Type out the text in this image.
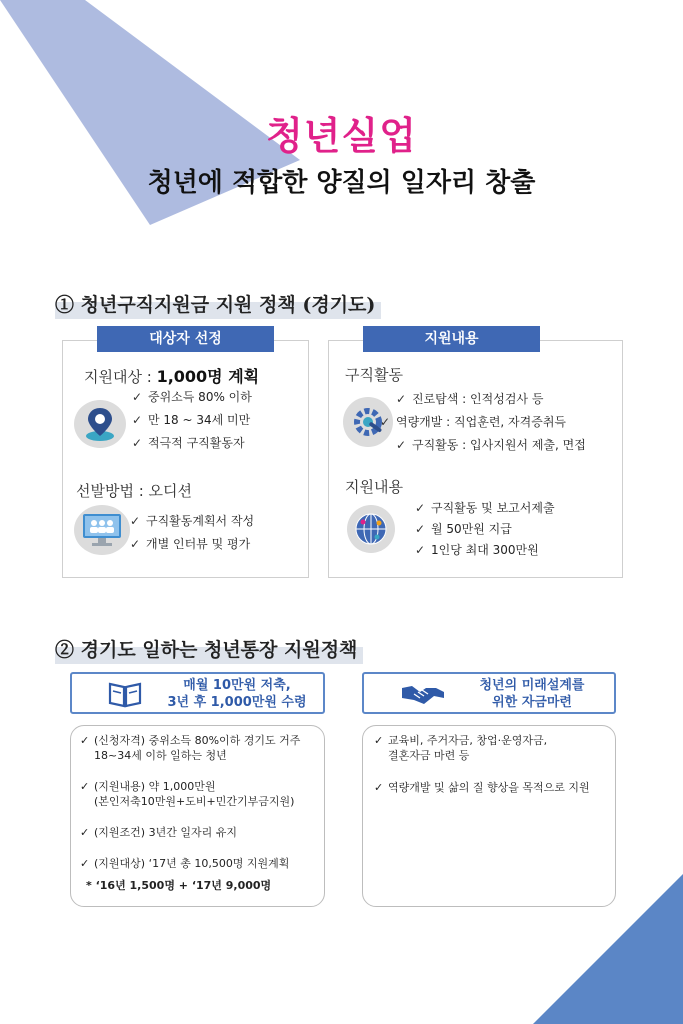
청년실업
청년에 적합한 양질의 일자리 창출
① 청년구직지원금 지원 정책 (경기도)
대상자 선정	지원내용
지원대상 : 1,000명 계획
✓ 중위소득 80% 이하
✓ 만 18 ~ 34세 미만
✓ 적극적 구직활동자
선발방법 : 오디션
✓ 구직활동계획서 작성
✓ 개별 인터뷰 및 평가
구직활동
✓ 진로탐색 : 인적성검사 등
✓ 역량개발 : 직업훈련, 자격증취득
✓ 구직활동 : 입사지원서 제출, 면접
지원내용
✓ 구직활동 및 보고서제출
✓ 월 50만원 지급
✓ 1인당 최대 300만원
② 경기도 일하는 청년통장 지원정책
매월 10만원 저축,
3년 후 1,000만원 수령
청년의 미래설계를
위한 자금마련
✓ (신청자격) 중위소득 80%이하 경기도 거주
18~34세 이하 일하는 청년
✓ (지원내용) 약 1,000만원
(본인저축10만원+도비+민간기부금지원)
✓ (지원조건) 3년간 일자리 유지
✓ (지원대상) ‘17년 총 10,500명 지원계획
* ‘16년 1,500명 + ‘17년 9,000명
✓ 교육비, 주거자금, 창업·운영자금,
결혼자금 마련 등
✓ 역량개발 및 삶의 질 향상을 목적으로 지원
